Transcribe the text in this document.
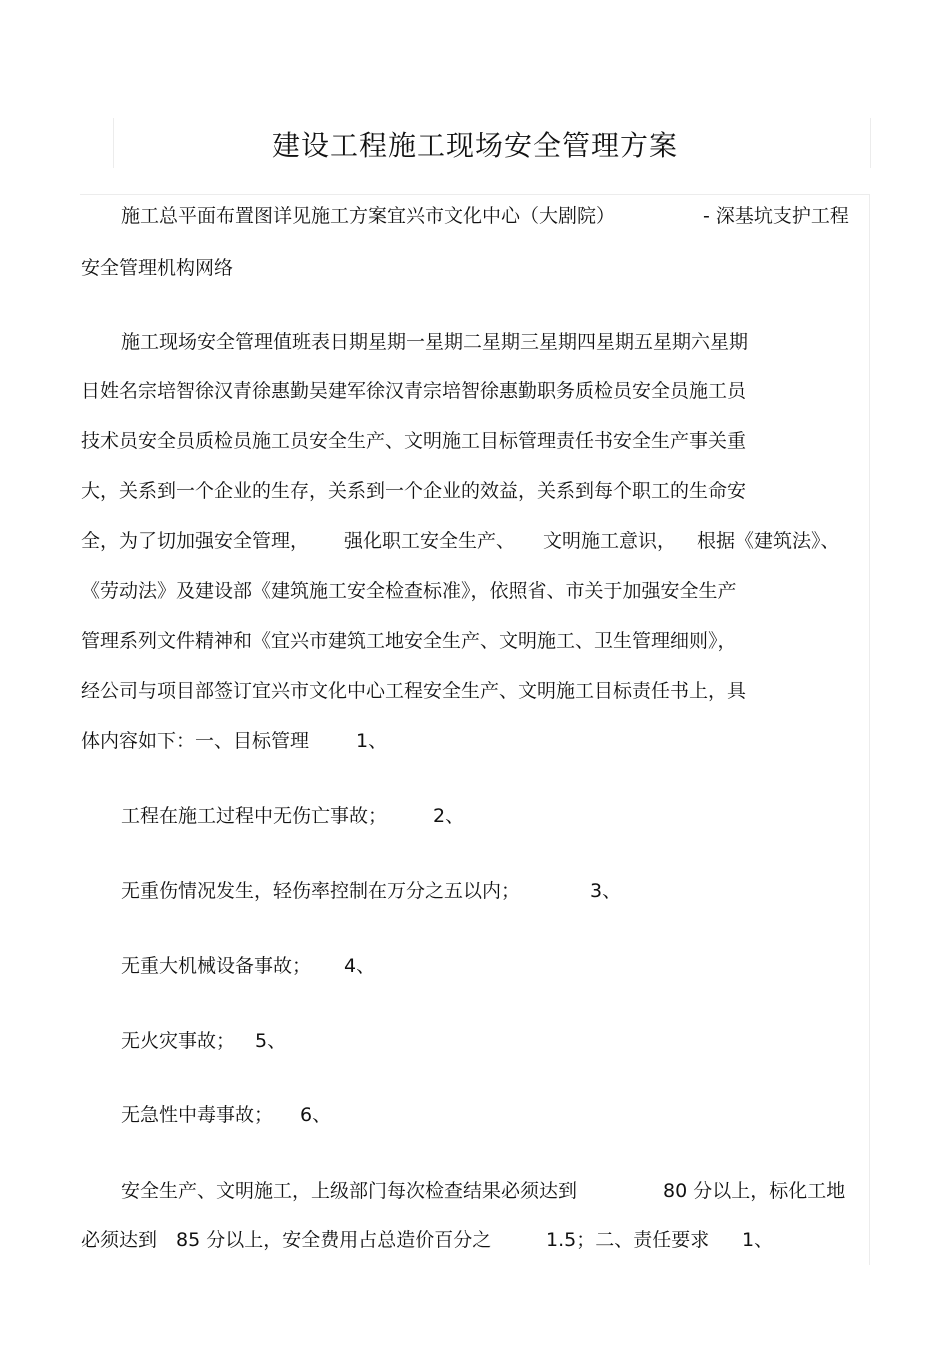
建设工程施工现场安全管理方案
施工总平面布置图详见施工方案宜兴市文化中心（大剧院）	- 深基坑支护工程
安全管理机构网络
施工现场安全管理值班表日期星期一星期二星期三星期四星期五星期六星期
日姓名宗培智徐汉青徐惠勤吴建军徐汉青宗培智徐惠勤职务质检员安全员施工员
技术员安全员质检员施工员安全生产、文明施工目标管理责任书安全生产事关重
大，关系到一个企业的生存，关系到一个企业的效益，关系到每个职工的生命安
全，为了切加强安全管理， 强化职工安全生产、 文明施工意识， 根据《建筑法》、
《劳动法》及建设部《建筑施工安全检查标准》，依照省、市关于加强安全生产
管理系列文件精神和《宜兴市建筑工地安全生产、文明施工、卫生管理细则》，
经公司与项目部签订宜兴市文化中心工程安全生产、文明施工目标责任书上，具
体内容如下：一、目标管理 1、
工程在施工过程中无伤亡事故； 2、
无重伤情况发生，轻伤率控制在万分之五以内；	3、
无重大机械设备事故； 4、
无火灾事故； 5、
无急性中毒事故； 6、
安全生产、文明施工，上级部门每次检查结果必须达到	80 分以上，标化工地
必须达到 85 分以上，安全费用占总造价百分之	1.5；二、责任要求 1、
